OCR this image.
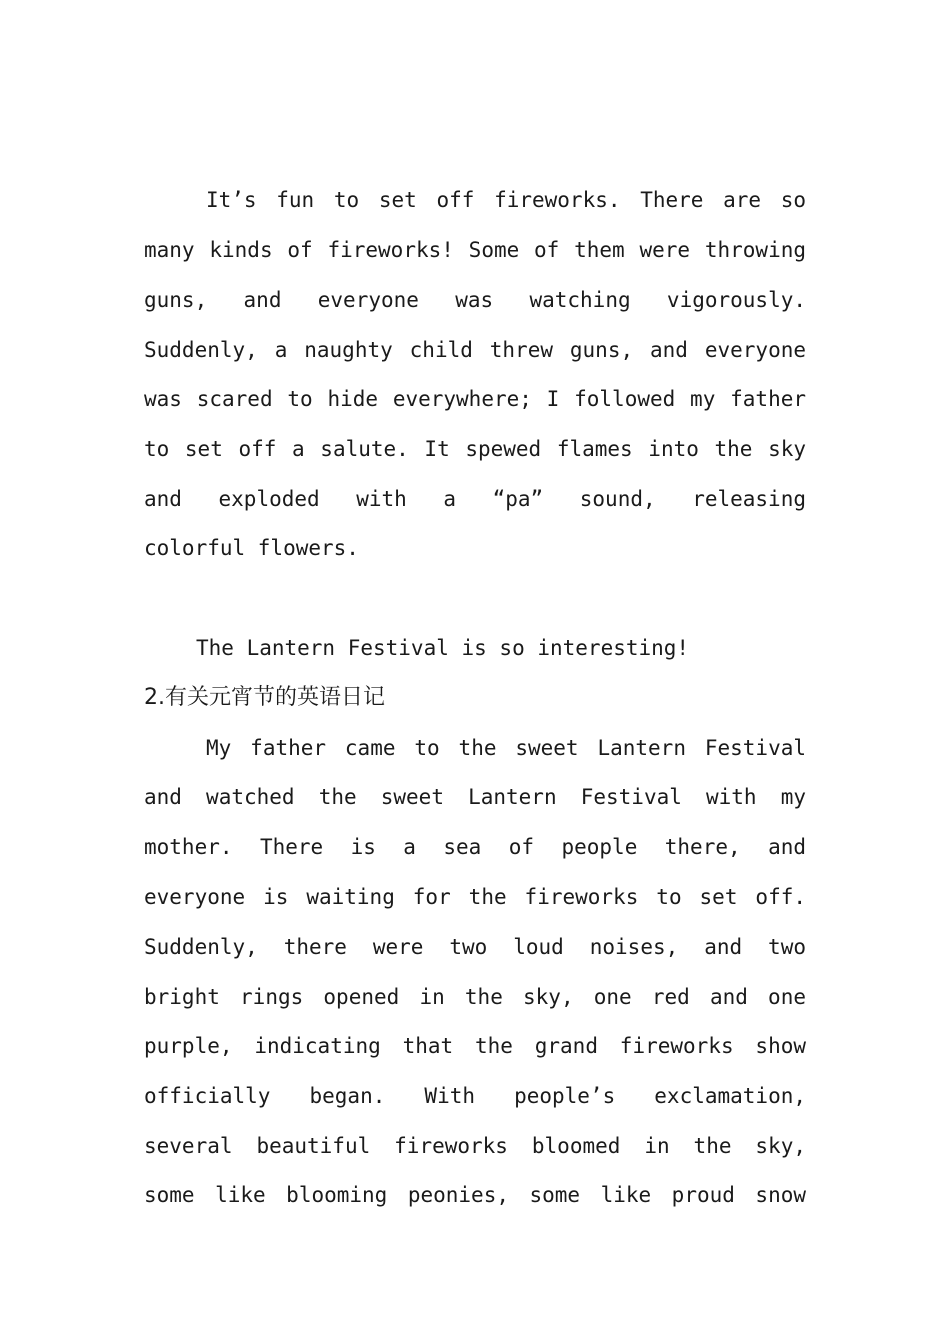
It’s fun to set off fireworks. There are so
many kinds of fireworks! Some of them were throwing
guns, and everyone was watching vigorously.
Suddenly, a naughty child threw guns, and everyone
was scared to hide everywhere; I followed my father
to set off a salute. It spewed flames into the sky
and exploded with a “pa” sound, releasing
colorful flowers.
The Lantern Festival is so interesting!
2.有关元宵节的英语日记
My father came to the sweet Lantern Festival
and watched the sweet Lantern Festival with my
mother. There is a sea of people there, and
everyone is waiting for the fireworks to set off.
Suddenly, there were two loud noises, and two
bright rings opened in the sky, one red and one
purple, indicating that the grand fireworks show
officially began. With people’s exclamation,
several beautiful fireworks bloomed in the sky,
some like blooming peonies, some like proud snow
